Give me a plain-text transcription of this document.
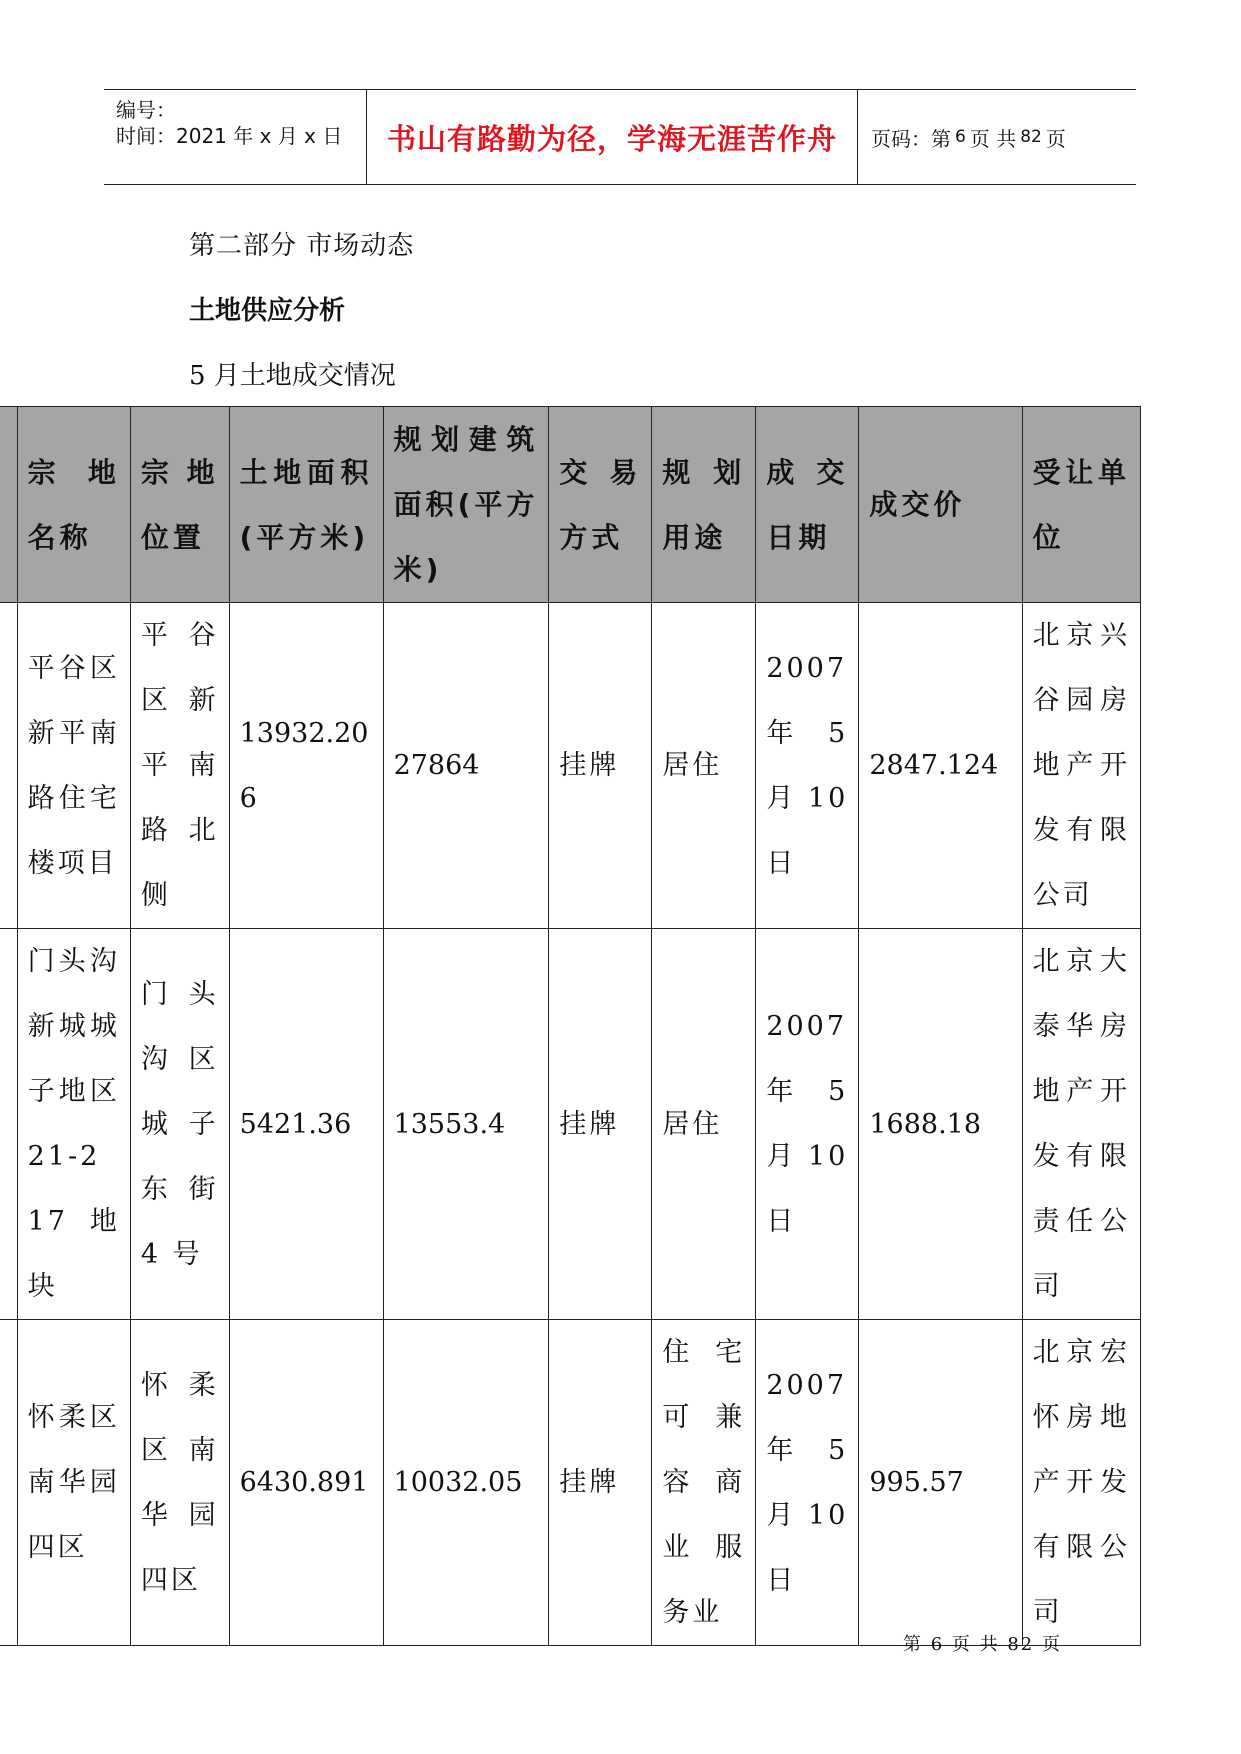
编号：
时间：2021 年 x 月 x 日 书山有路勤为径，学海无涯苦作舟 页码：第 6 页 共 82 页
第二部分 市场动态
土地供应分析
5 月土地成交情况
	宗地名称	宗 地 位置	土地面积(平方米)	规划建筑面积(平方米)	交易方式	规划用途	成交日期	成交价	受让单位
	平谷区新平南路住宅楼项目	平 谷 区 新 平 南 路 北 侧	13932.206	27864	挂牌	居住	2007 年 5 月 10 日	2847.124	北京兴谷园房地产开发有限公司
	门头沟新城城子地区 21-217 地块	门 头 沟 区 城 子 东街 4 号	5421.36	13553.4	挂牌	居住	2007 年 5 月 10 日	1688.18	北京大泰华房地产开发有限责任公司
	怀柔区南华园四区	怀 柔 区 南 华 园 四区	6430.891	10032.05	挂牌	住宅可兼容商业服务业	2007 年 5 月 10 日	995.57	北京宏怀房地产开发有限公司
第 6 页 共 82 页
